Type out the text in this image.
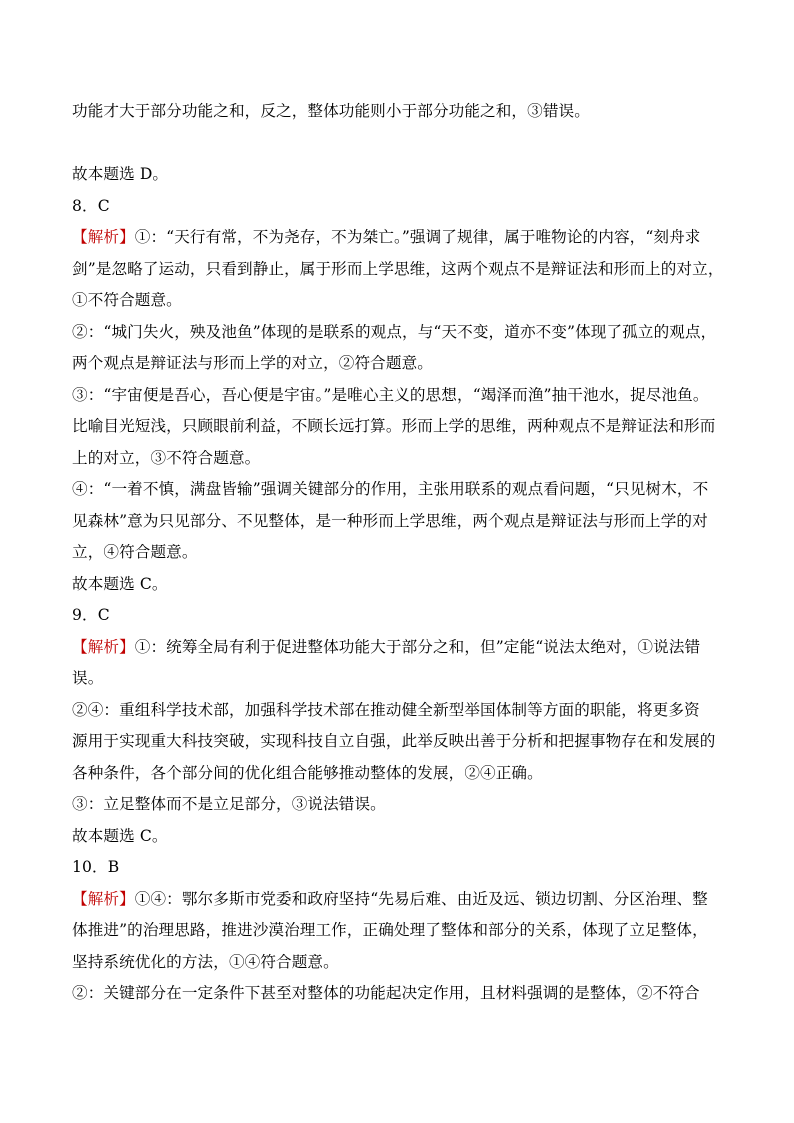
功能才大于部分功能之和，反之，整体功能则小于部分功能之和，③错误。
故本题选 D。
8．C
【解析】①：“天行有常，不为尧存，不为桀亡。”强调了规律，属于唯物论的内容，“刻舟求
剑”是忽略了运动，只看到静止，属于形而上学思维，这两个观点不是辩证法和形而上的对立，
①不符合题意。
②：“城门失火，殃及池鱼”体现的是联系的观点，与“天不变，道亦不变”体现了孤立的观点，
两个观点是辩证法与形而上学的对立，②符合题意。
③：“宇宙便是吾心，吾心便是宇宙。”是唯心主义的思想，“竭泽而渔”抽干池水，捉尽池鱼。
比喻目光短浅，只顾眼前利益，不顾长远打算。形而上学的思维，两种观点不是辩证法和形而
上的对立，③不符合题意。
④：“一着不慎，满盘皆输”强调关键部分的作用，主张用联系的观点看问题，“只见树木，不
见森林”意为只见部分、不见整体，是一种形而上学思维，两个观点是辩证法与形而上学的对
立，④符合题意。
故本题选 C。
9．C
【解析】①：统筹全局有利于促进整体功能大于部分之和，但”定能“说法太绝对，①说法错
误。
②④：重组科学技术部，加强科学技术部在推动健全新型举国体制等方面的职能，将更多资
源用于实现重大科技突破，实现科技自立自强，此举反映出善于分析和把握事物存在和发展的
各种条件，各个部分间的优化组合能够推动整体的发展，②④正确。
③：立足整体而不是立足部分，③说法错误。
故本题选 C。
10．B
【解析】①④：鄂尔多斯市党委和政府坚持“先易后难、由近及远、锁边切割、分区治理、整
体推进”的治理思路，推进沙漠治理工作，正确处理了整体和部分的关系，体现了立足整体，
坚持系统优化的方法，①④符合题意。
②：关键部分在一定条件下甚至对整体的功能起决定作用，且材料强调的是整体，②不符合
